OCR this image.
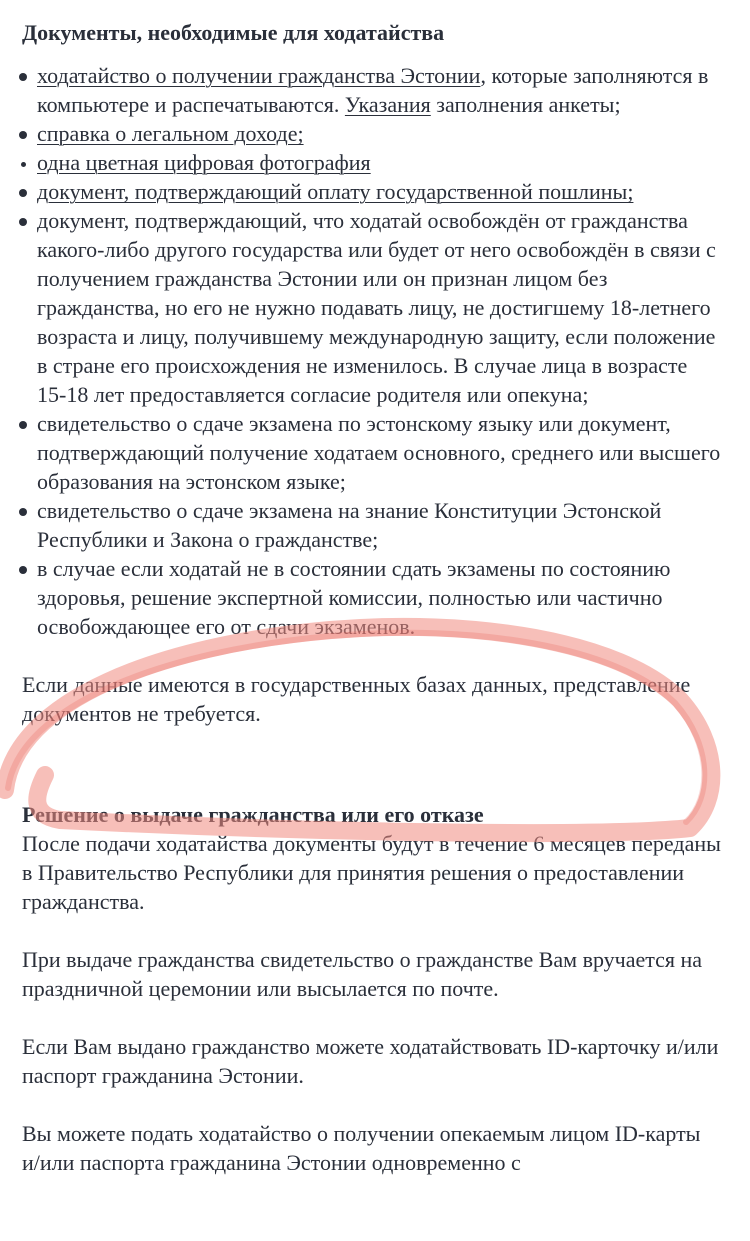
Документы, необходимые для ходатайства
ходатайство о получении гражданства Эстонии, которые заполняются в компьютере и распечатываются. Указания заполнения анкеты;
справка о легальном доходе;
одна цветная цифровая фотография
документ, подтверждающий оплату государственной пошлины;
документ, подтверждающий, что ходатай освобождён от гражданства какого-либо другого государства или будет от него освобождён в связи с получением гражданства Эстонии или он признан лицом без гражданства, но его не нужно подавать лицу, не достигшему 18-летнего возраста и лицу, получившему международную защиту, если положение в стране его происхождения не изменилось. В случае лица в возрасте 15-18 лет предоставляется согласие родителя или опекуна;
свидетельство о сдаче экзамена по эстонскому языку или документ, подтверждающий получение ходатаем основного, среднего или высшего образования на эстонском языке;
свидетельство о сдаче экзамена на знание Конституции Эстонской Республики и Закона о гражданстве;
в случае если ходатай не в состоянии сдать экзамены по состоянию здоровья, решение экспертной комиссии, полностью или частично освобождающее его от сдачи экзаменов.

Если данные имеются в государственных базах данных, представление документов не требуется.

Решение о выдаче гражданства или его отказе

После подачи ходатайства документы будут в течение 6 месяцев переданы в Правительство Республики для принятия решения о предоставлении гражданства.

При выдаче гражданства свидетельство о гражданстве Вам вручается на праздничной церемонии или высылается по почте.

Если Вам выдано гражданство можете ходатайствовать ID-карточку и/или паспорт гражданина Эстонии.

Вы можете подать ходатайство о получении опекаемым лицом ID-карты и/или паспорта гражданина Эстонии одновременно с
